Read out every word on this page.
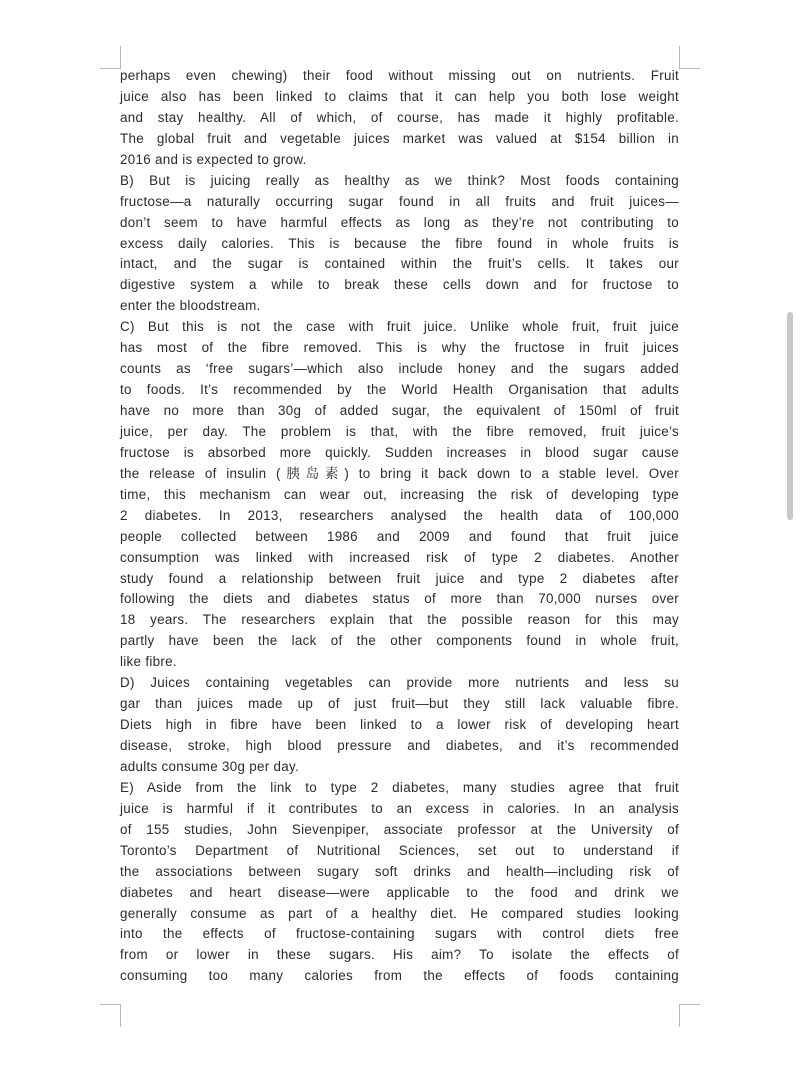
perhaps even chewing) their food without missing out on nutrients. Fruit
juice also has been linked to claims that it can help you both lose weight
and stay healthy. All of which, of course, has made it highly profitable.
The global fruit and vegetable juices market was valued at $154 billion in
2016 and is expected to grow.
B) But is juicing really as healthy as we think? Most foods containing
fructose—a naturally occurring sugar found in all fruits and fruit juices—
don’t seem to have harmful effects as long as they’re not contributing to
excess daily calories. This is because the fibre found in whole fruits is
intact, and the sugar is contained within the fruit’s cells. It takes our
digestive system a while to break these cells down and for fructose to
enter the bloodstream.
C) But this is not the case with fruit juice. Unlike whole fruit, fruit juice
has most of the fibre removed. This is why the fructose in fruit juices
counts as ‘free sugars’—which also include honey and the sugars added
to foods. It’s recommended by the World Health Organisation that adults
have no more than 30g of added sugar, the equivalent of 150ml of fruit
juice, per day. The problem is that, with the fibre removed, fruit juice’s
fructose is absorbed more quickly. Sudden increases in blood sugar cause
the release of insulin (胰岛素) to bring it back down to a stable level. Over
time, this mechanism can wear out, increasing the risk of developing type
2 diabetes. In 2013, researchers analysed the health data of 100,000
people collected between 1986 and 2009 and found that fruit juice
consumption was linked with increased risk of type 2 diabetes. Another
study found a relationship between fruit juice and type 2 diabetes after
following the diets and diabetes status of more than 70,000 nurses over
18 years. The researchers explain that the possible reason for this may
partly have been the lack of the other components found in whole fruit,
like fibre.
D) Juices containing vegetables can provide more nutrients and less su
gar than juices made up of just fruit—but they still lack valuable fibre.
Diets high in fibre have been linked to a lower risk of developing heart
disease, stroke, high blood pressure and diabetes, and it’s recommended
adults consume 30g per day.
E) Aside from the link to type 2 diabetes, many studies agree that fruit
juice is harmful if it contributes to an excess in calories. In an analysis
of 155 studies, John Sievenpiper, associate professor at the University of
Toronto’s Department of Nutritional Sciences, set out to understand if
the associations between sugary soft drinks and health—including risk of
diabetes and heart disease—were applicable to the food and drink we
generally consume as part of a healthy diet. He compared studies looking
into the effects of fructose-containing sugars with control diets free
from or lower in these sugars. His aim? To isolate the effects of
consuming too many calories from the effects of foods containing
